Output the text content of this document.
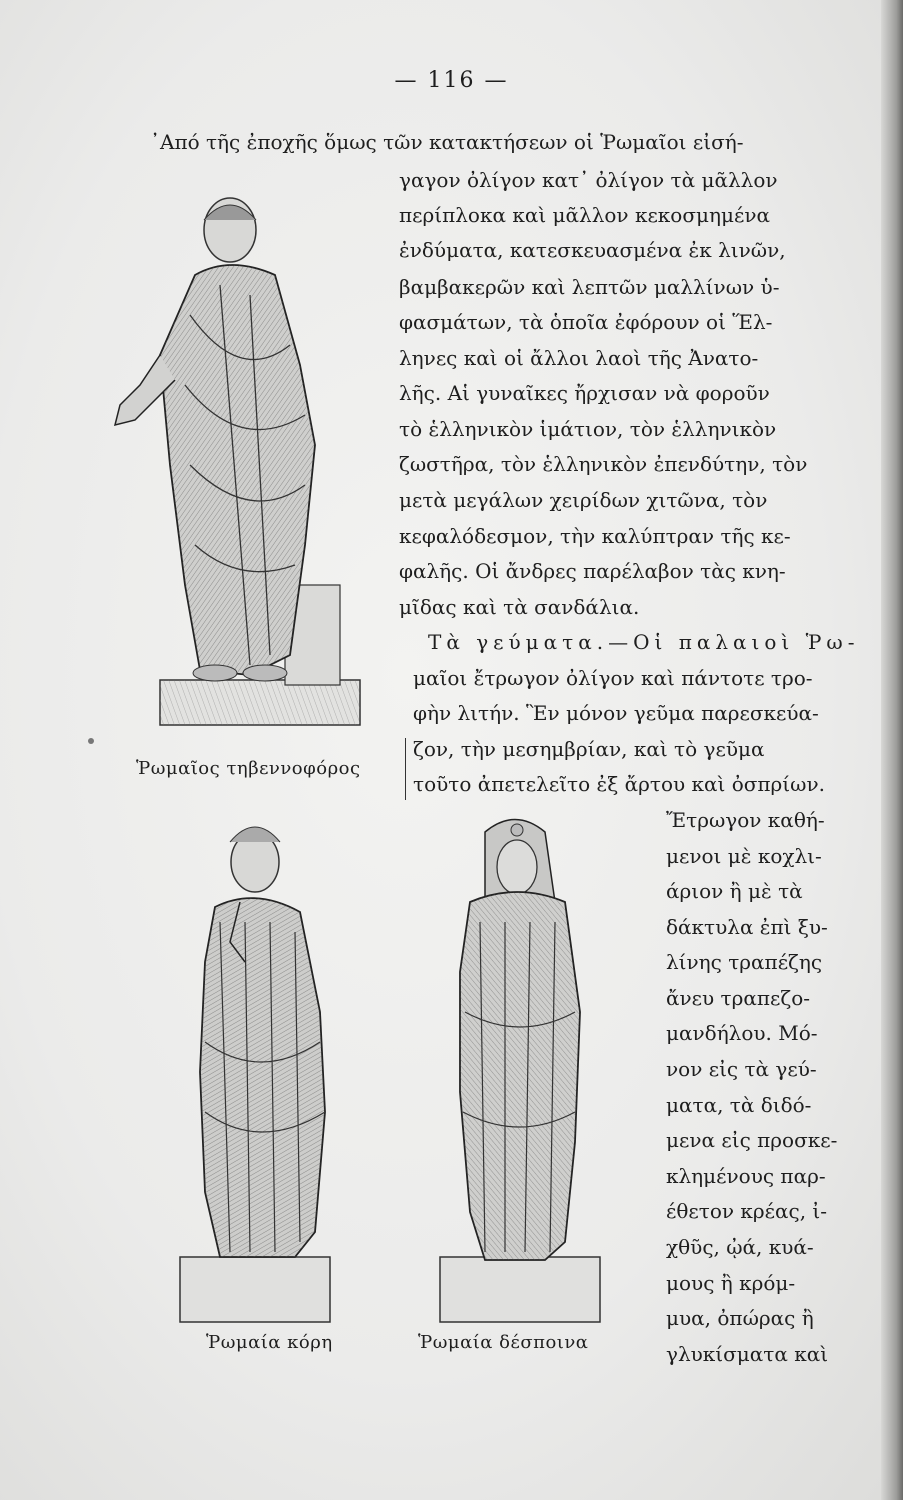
— 116 —
᾿Από τῆς ἐποχῆς ὅμως τῶν κατακτήσεων οἱ Ῥωμαῖοι εἰσή-
γαγον ὀλίγον κατ᾿ ὀλίγον τὰ μᾶλλον
περίπλοκα καὶ μᾶλλον κεκοσμημένα
ἐνδύματα, κατεσκευασμένα ἐκ λινῶν,
βαμβακερῶν καὶ λεπτῶν μαλλίνων ὑ-
φασμάτων, τὰ ὁποῖα ἐφόρουν οἱ Ἕλ-
ληνες καὶ οἱ ἄλλοι λαοὶ τῆς Ἀνατο-
λῆς. Αἱ γυναῖκες ἤρχισαν νὰ φοροῦν
τὸ ἑλληνικὸν ἱμάτιον, τὸν ἑλληνικὸν
ζωστῆρα, τὸν ἑλληνικὸν ἐπενδύτην, τὸν
μετὰ μεγάλων χειρίδων χιτῶνα, τὸν
κεφαλόδεσμον, τὴν καλύπτραν τῆς κε-
φαλῆς. Οἱ ἄνδρες παρέλαβον τὰς κνη-
μῖδας καὶ τὰ σανδάλια.
Τὰ γεύματα.—Οἱ παλαιοὶ Ῥω-
μαῖοι ἔτρωγον ὀλίγον καὶ πάντοτε τρο-
φὴν λιτήν. Ἓν μόνον γεῦμα παρεσκεύα-
ζον, τὴν μεσημβρίαν, καὶ τὸ γεῦμα
τοῦτο ἀπετελεῖτο ἐξ ἄρτου καὶ ὀσπρίων.
Ἔτρωγον καθή-
μενοι μὲ κοχλι-
άριον ἢ μὲ τὰ
δάκτυλα ἐπὶ ξυ-
λίνης τραπέζης
ἄνευ τραπεζο-
μανδήλου. Μό-
νον εἰς τὰ γεύ-
ματα, τὰ διδό-
μενα εἰς προσκε-
κλημένους παρ-
έθετον κρέας, ἰ-
χθῦς, ᾠά, κυά-
μους ἢ κρόμ-
μυα, ὀπώρας ἢ
γλυκίσματα καὶ
Ῥωμαῖος τηβεννοφόρος
Ῥωμαία κόρη	Ῥωμαία δέσποινα
